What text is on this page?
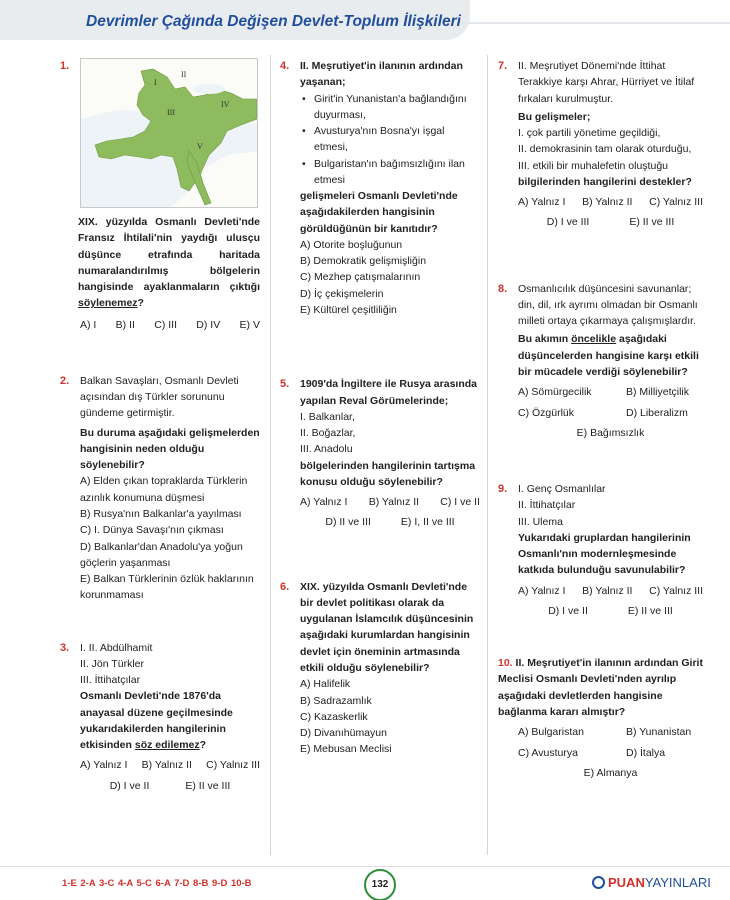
Devrimler Çağında Değişen Devlet-Toplum İlişkileri
1.
I
II
III
IV
V

XIX. yüzyılda Osmanlı Devleti'nde Fransız İhtilali'nin yaydığı ulusçu düşünce etrafında haritada numaralandırılmış bölgelerin hangisinde ayaklanmaların çıktığı söylenemez?

A) I B) II C) III D) IV E) V
2. Balkan Savaşları, Osmanlı Devleti açısından dış Türkler sorununu gündeme getirmiştir.

Bu duruma aşağıdaki gelişmelerden hangisinin neden olduğu söylenebilir?

A) Elden çıkan topraklarda Türklerin azınlık konumuna düşmesi

B) Rusya'nın Balkanlar'a yayılması

C) I. Dünya Savaşı'nın çıkması

D) Balkanlar'dan Anadolu'ya yoğun göçlerin yaşanması

E) Balkan Türklerinin özlük haklarının korunmaması

3. I. II. Abdülhamit

II. Jön Türkler

III. İttihatçılar

Osmanlı Devleti'nde 1876'da anayasal düzene geçilmesinde yukarıdakilerden hangilerinin etkisinden söz edilemez?

A) Yalnız I B) Yalnız II C) Yalnız III
D) I ve II	E) II ve III
4. II. Meşrutiyet'in ilanının ardından yaşanan;

• Girit'in Yunanistan'a bağlandığını duyurması,

• Avusturya'nın Bosna'yı işgal etmesi,

• Bulgaristan'ın bağımsızlığını ilan etmesi

gelişmeleri Osmanlı Devleti'nde aşağıdakilerden hangisinin görüldüğünün bir kanıtıdır?

A) Otorite boşluğunun

B) Demokratik gelişmişliğin

C) Mezhep çatışmalarının

D) İç çekişmelerin

E) Kültürel çeşitliliğin

5. 1909'da İngiltere ile Rusya arasında yapılan Reval Görümelerinde;

I. Balkanlar,

II. Boğazlar,

III. Anadolu

bölgelerinden hangilerinin tartışma konusu olduğu söylenebilir?

A) Yalnız I B) Yalnız II C) I ve II
D) II ve III	E) I, II ve III
6. XIX. yüzyılda Osmanlı Devleti'nde bir devlet politikası olarak da uygulanan İslamcılık düşüncesinin aşağıdaki kurumlardan hangisinin devlet için öneminin artmasında etkili olduğu söylenebilir?

A) Halifelik

B) Sadrazamlık

C) Kazaskerlik

D) Divanıhümayun

E) Mebusan Meclisi

7. II. Meşrutiyet Dönemi'nde İttihat Terakkiye karşı Ahrar, Hürriyet ve İtilaf fırkaları kurulmuştur.

Bu gelişmeler;

I. çok partili yönetime geçildiği,

II. demokrasinin tam olarak oturduğu,

III. etkili bir muhalefetin oluştuğu

bilgilerinden hangilerini destekler?

A) Yalnız I B) Yalnız II C) Yalnız III
D) I ve III	E) II ve III
8. Osmanlıcılık düşüncesini savunanlar; din, dil, ırk ayrımı olmadan bir Osmanlı milleti ortaya çıkarmaya çalışmışlardır.

Bu akımın öncelikle aşağıdaki düşüncelerden hangisine karşı etkili bir mücadele verdiği söylenebilir?

A) Sömürgecilik	B) Milliyetçilik
C) Özgürlük	D) Liberalizm
E) Bağımsızlık
9. I. Genç Osmanlılar

II. İttihatçılar

III. Ulema

Yukarıdaki gruplardan hangilerinin Osmanlı'nın modernleşmesinde katkıda bulunduğu savunulabilir?

A) Yalnız I B) Yalnız II C) Yalnız III
D) I ve II	E) II ve III

10. II. Meşrutiyet'in ilanının ardından Girit Meclisi Osmanlı Devleti'nden ayrılıp aşağıdaki devletlerden hangisine bağlanma kararı almıştır?

A) Bulgaristan	B) Yunanistan
C) Avusturya	D) İtalya
E) Almanya
1-E 2-A 3-C 4-A 5-C 6-A 7-D 8-B 9-D 10-B	132	PUANYAYINLARI
